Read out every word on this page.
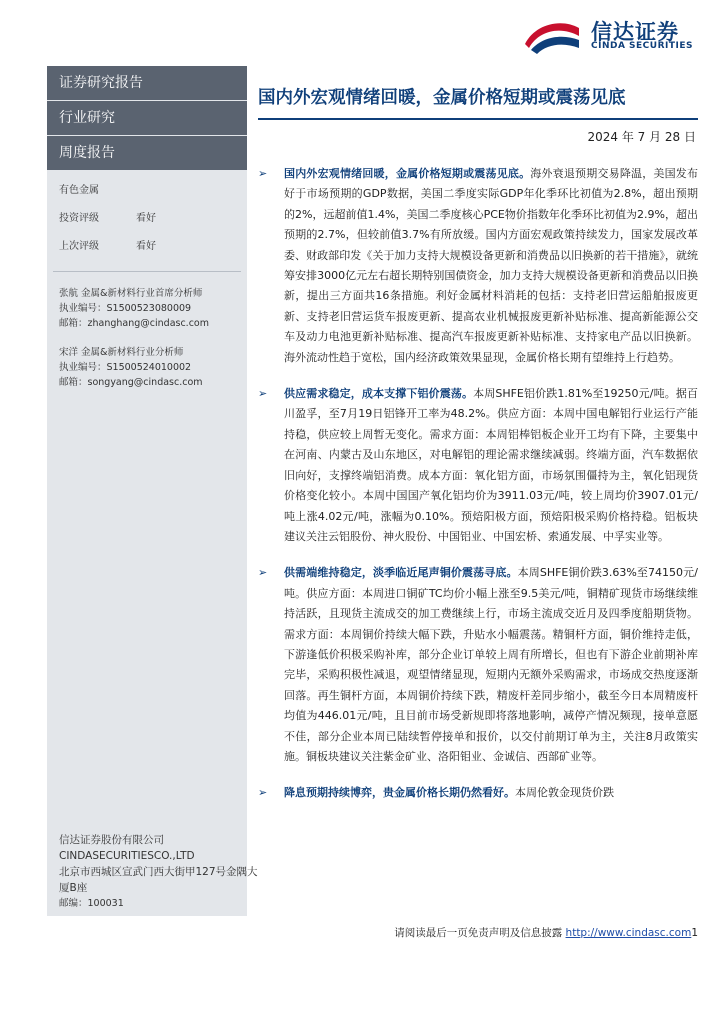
信达证券
CINDA SECURITIES
证券研究报告
行业研究
周度报告
有色金属
投资评级	看好
上次评级	看好
张航 金属&新材料行业首席分析师
执业编号：S1500523080009
邮箱：zhanghang@cindasc.com
宋洋 金属&新材料行业分析师
执业编号：S1500524010002
邮箱：songyang@cindasc.com
信达证券股份有限公司
CINDASECURITIESCO.,LTD
北京市西城区宣武门西大街甲127号金隅大厦B座
邮编：100031
国内外宏观情绪回暖，金属价格短期或震荡见底
2024 年 7 月 28 日
➢ 国内外宏观情绪回暖，金属价格短期或震荡见底。海外衰退预期交易降温，美国发布好于市场预期的GDP数据，美国二季度实际GDP年化季环比初值为2.8%，超出预期的2%，远超前值1.4%，美国二季度核心PCE物价指数年化季环比初值为2.9%，超出预期的2.7%，但较前值3.7%有所放缓。国内方面宏观政策持续发力，国家发展改革委、财政部印发《关于加力支持大规模设备更新和消费品以旧换新的若干措施》，就统筹安排3000亿元左右超长期特别国债资金，加力支持大规模设备更新和消费品以旧换新，提出三方面共16条措施。利好金属材料消耗的包括：支持老旧营运船舶报废更新、支持老旧营运货车报废更新、提高农业机械报废更新补贴标准、提高新能源公交车及动力电池更新补贴标准、提高汽车报废更新补贴标准、支持家电产品以旧换新。海外流动性趋于宽松，国内经济政策效果显现，金属价格长期有望维持上行趋势。
➢ 供应需求稳定，成本支撑下铝价震荡。本周SHFE铝价跌1.81%至19250元/吨。据百川盈孚，至7月19日铝锋开工率为48.2%。供应方面：本周中国电解铝行业运行产能持稳，供应较上周暂无变化。需求方面：本周铝棒铝板企业开工均有下降，主要集中在河南、内蒙古及山东地区，对电解铝的理论需求继续减弱。终端方面，汽车数据依旧向好，支撑终端铝消费。成本方面：氧化铝方面，市场氛围僵持为主，氧化铝现货价格变化较小。本周中国国产氧化铝均价为3911.03元/吨，较上周均价3907.01元/吨上涨4.02元/吨，涨幅为0.10%。预焙阳极方面，预焙阳极采购价格持稳。铝板块建议关注云铝股份、神火股份、中国铝业、中国宏桥、索通发展、中孚实业等。
➢ 供需端维持稳定，淡季临近尾声铜价震荡寻底。本周SHFE铜价跌3.63%至74150元/吨。供应方面：本周进口铜矿TC均价小幅上涨至9.5美元/吨，铜精矿现货市场继续维持活跃，且现货主流成交的加工费继续上行，市场主流成交近月及四季度船期货物。需求方面：本周铜价持续大幅下跌，升贴水小幅震荡。精铜杆方面，铜价维持走低，下游逢低价积极采购补库，部分企业订单较上周有所增长，但也有下游企业前期补库完毕，采购积极性减退，观望情绪显现，短期内无额外采购需求，市场成交热度逐渐回落。再生铜杆方面，本周铜价持续下跌，精废杆差同步缩小，截至今日本周精废杆均值为446.01元/吨，且目前市场受新规即将落地影响，减停产情况频现，接单意愿不佳，部分企业本周已陆续暂停接单和报价，以交付前期订单为主，关注8月政策实施。铜板块建议关注紫金矿业、洛阳钼业、金诚信、西部矿业等。
➢ 降息预期持续博弈，贵金属价格长期仍然看好。本周伦敦金现货价跌
请阅读最后一页免责声明及信息披露 http://www.cindasc.com1
